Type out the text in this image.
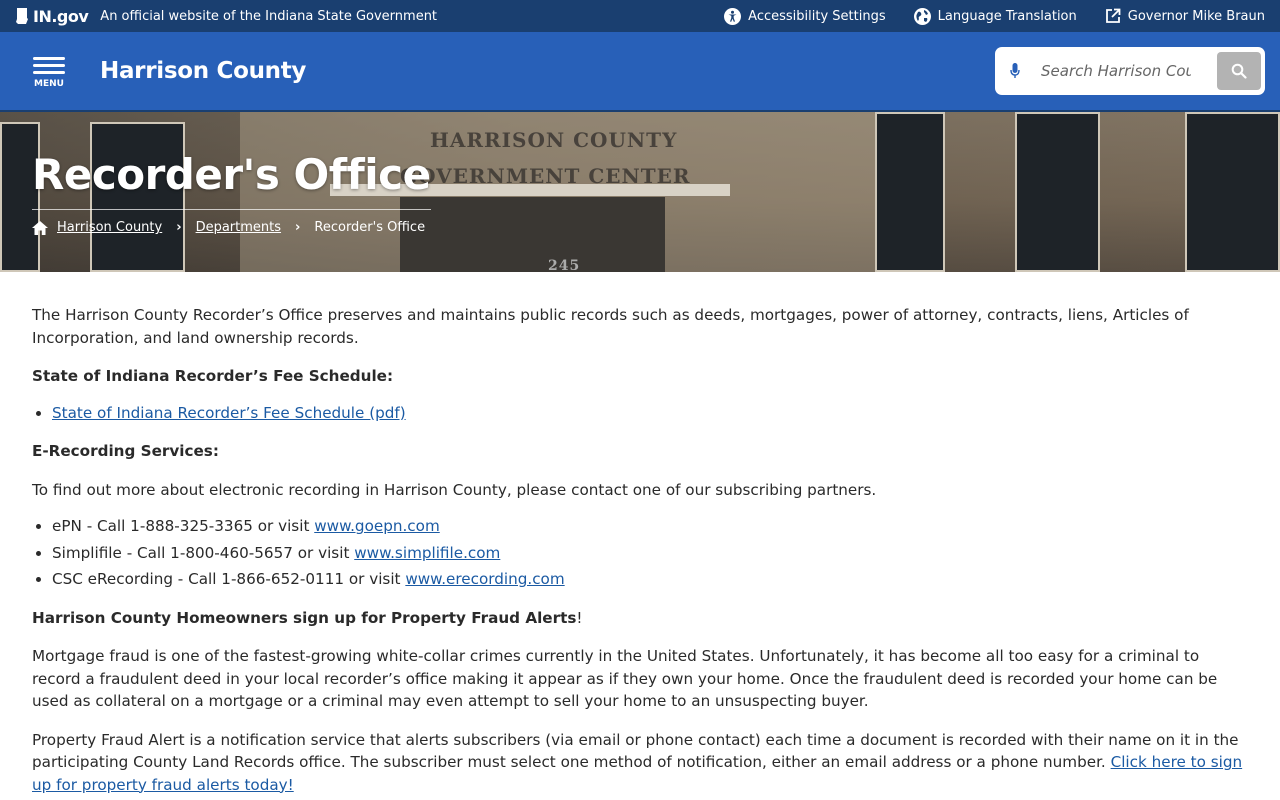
IN.gov An official website of the Indiana State Government	Accessibility Settings	Language Translation	Governor Mike Braun
MENU Harrison County
Search Harrison County
HARRISON COUNTY
GOVERNMENT CENTER
245
Recorder's Office
Harrison County › Departments › Recorder's Office

The Harrison County Recorder’s Office preserves and maintains public records such as deeds, mortgages, power of attorney, contracts, liens, Articles of Incorporation, and land ownership records.

State of Indiana Recorder’s Fee Schedule:

• State of Indiana Recorder’s Fee Schedule (pdf)

E-Recording Services:

To find out more about electronic recording in Harrison County, please contact one of our subscribing partners.

• ePN - Call 1-888-325-3365 or visit www.goepn.com
• Simplifile - Call 1-800-460-5657 or visit www.simplifile.com
• CSC eRecording - Call 1-866-652-0111 or visit www.erecording.com

Harrison County Homeowners sign up for Property Fraud Alerts!

Mortgage fraud is one of the fastest-growing white-collar crimes currently in the United States. Unfortunately, it has become all too easy for a criminal to record a fraudulent deed in your local recorder’s office making it appear as if they own your home. Once the fraudulent deed is recorded your home can be used as collateral on a mortgage or a criminal may even attempt to sell your home to an unsuspecting buyer.

Property Fraud Alert is a notification service that alerts subscribers (via email or phone contact) each time a document is recorded with their name on it in the participating County Land Records office. The subscriber must select one method of notification, either an email address or a phone number. Click here to sign up for property fraud alerts today!
